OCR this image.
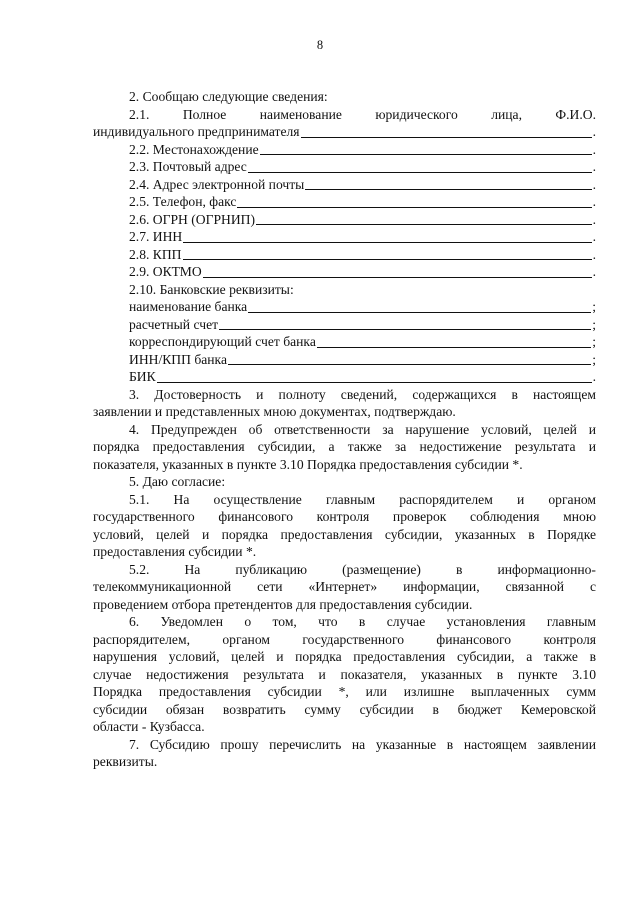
8
2. Сообщаю следующие сведения:
2.1. Полное наименование юридического лица, Ф.И.О.
индивидуального предпринимателя	.
2.2. Местонахождение	.
2.3. Почтовый адрес	.
2.4. Адрес электронной почты	.
2.5. Телефон, факс	.
2.6. ОГРН (ОГРНИП)	.
2.7. ИНН	.
2.8. КПП	.
2.9. ОКТМО	.
2.10. Банковские реквизиты:
наименование банка	;
расчетный счет	;
корреспондирующий счет банка	;
ИНН/КПП банка	;
БИК	.
3. Достоверность и полноту сведений, содержащихся в настоящем
заявлении и представленных мною документах, подтверждаю.
4. Предупрежден об ответственности за нарушение условий, целей и
порядка предоставления субсидии, а также за недостижение результата и
показателя, указанных в пункте 3.10 Порядка предоставления субсидии *.
5. Даю согласие:
5.1. На осуществление главным распорядителем и органом
государственного финансового контроля проверок соблюдения мною
условий, целей и порядка предоставления субсидии, указанных в Порядке
предоставления субсидии *.
5.2.	На	публикацию	(размещение)	в	информационно-
телекоммуникационной сети «Интернет» информации, связанной с
проведением отбора претендентов для предоставления субсидии.
6. Уведомлен о том, что в случае установления главным
распорядителем, органом государственного финансового контроля
нарушения условий, целей и порядка предоставления субсидии, а также в
случае недостижения результата и показателя, указанных в пункте 3.10
Порядка предоставления субсидии *, или излишне выплаченных сумм
субсидии обязан возвратить сумму субсидии в бюджет Кемеровской
области - Кузбасса.
7. Субсидию прошу перечислить на указанные в настоящем заявлении
реквизиты.
